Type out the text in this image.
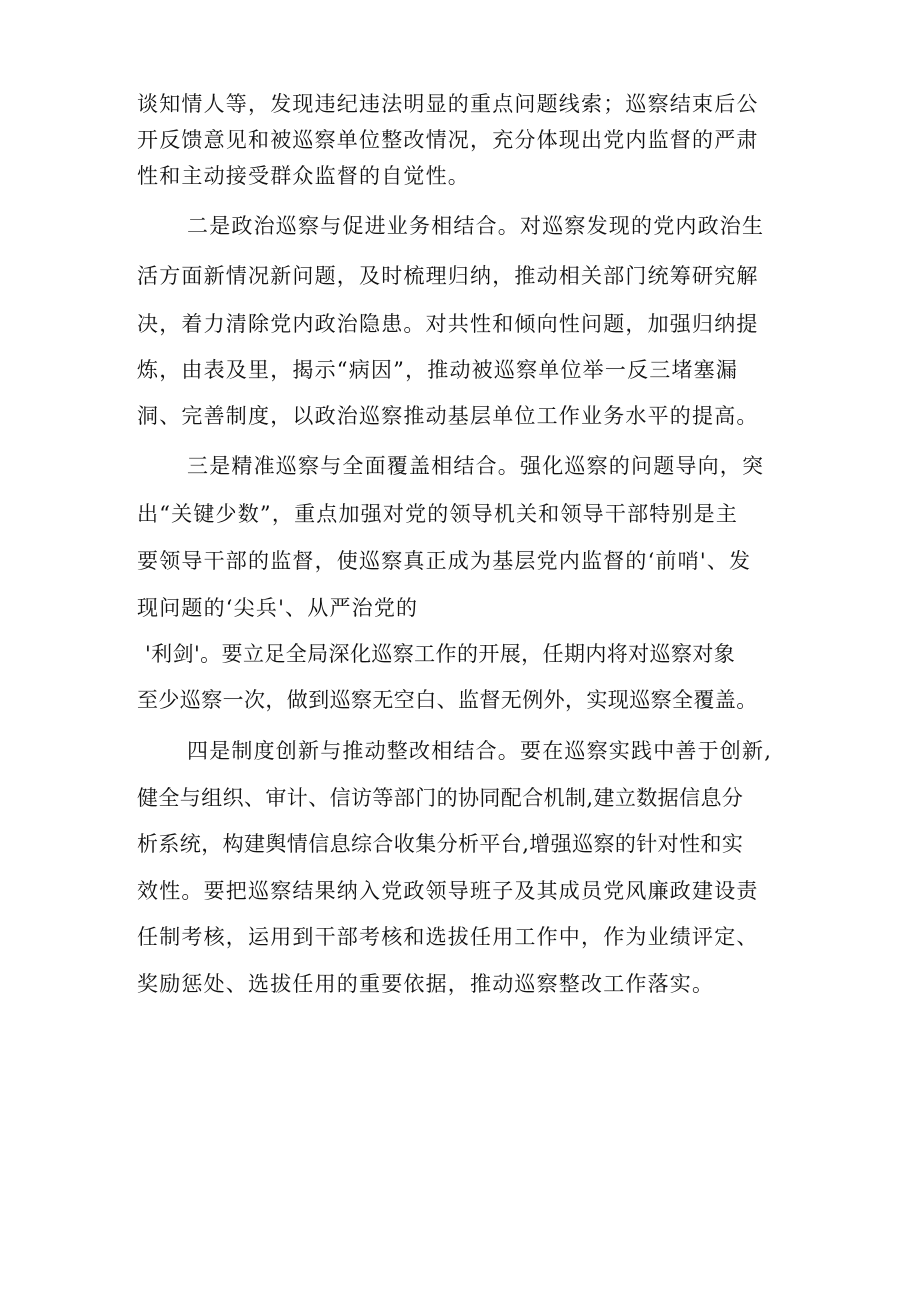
谈知情人等，发现违纪违法明显的重点问题线索；巡察结束后公
开反馈意见和被巡察单位整改情况，充分体现出党内监督的严肃
性和主动接受群众监督的自觉性。
二是政治巡察与促进业务相结合。对巡察发现的党内政治生
活方面新情况新问题，及时梳理归纳，推动相关部门统筹研究解
决，着力清除党内政治隐患。对共性和倾向性问题，加强归纳提
炼，由表及里，揭示“病因”，推动被巡察单位举一反三堵塞漏
洞、完善制度，以政治巡察推动基层单位工作业务水平的提高。
三是精准巡察与全面覆盖相结合。强化巡察的问题导向，突
出“关键少数”，重点加强对党的领导机关和领导干部特别是主
要领导干部的监督，使巡察真正成为基层党内监督的‘前哨'、发
现问题的‘尖兵'、从严治党的
'利剑'。要立足全局深化巡察工作的开展，任期内将对巡察对象
至少巡察一次，做到巡察无空白、监督无例外，实现巡察全覆盖。
四是制度创新与推动整改相结合。要在巡察实践中善于创新,
健全与组织、审计、信访等部门的协同配合机制,建立数据信息分
析系统，构建舆情信息综合收集分析平台,增强巡察的针对性和实
效性。要把巡察结果纳入党政领导班子及其成员党风廉政建设责
任制考核，运用到干部考核和选拔任用工作中，作为业绩评定、
奖励惩处、选拔任用的重要依据，推动巡察整改工作落实。
